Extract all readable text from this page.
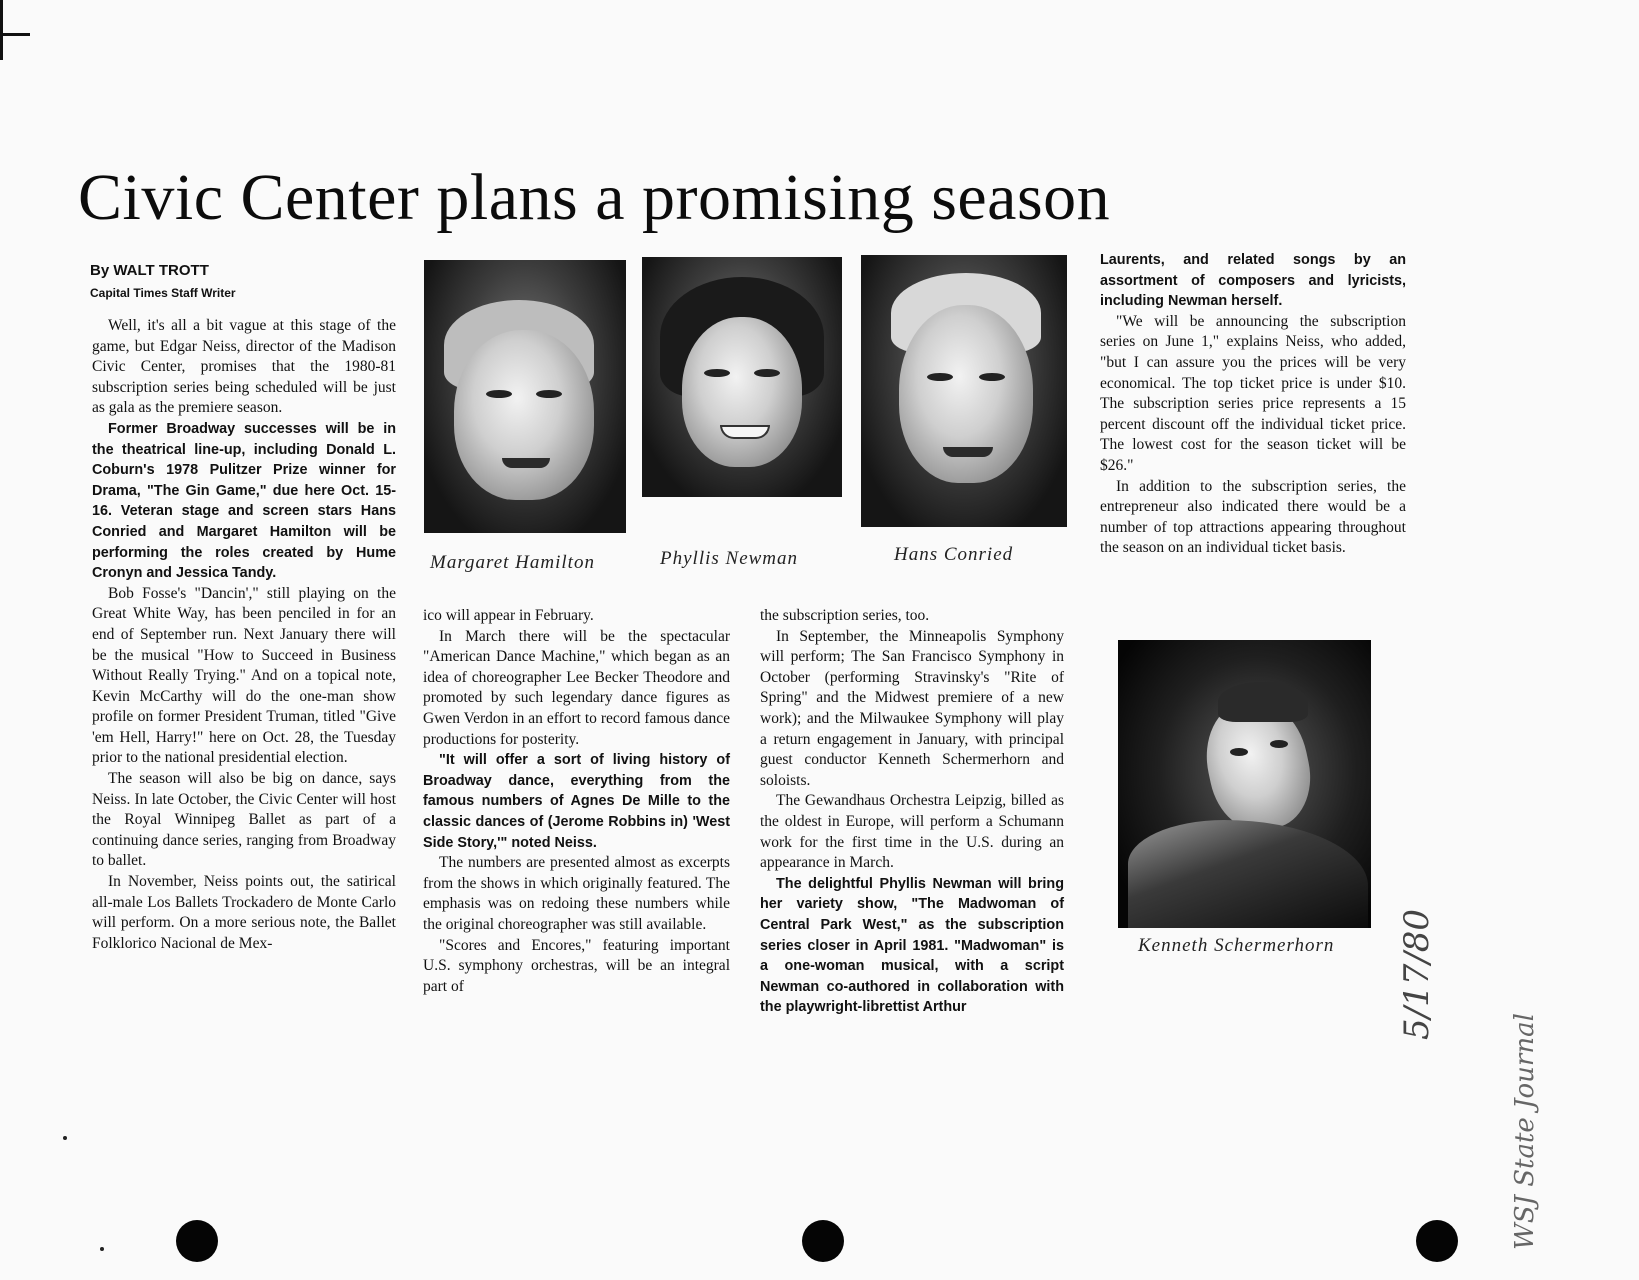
Civic Center plans a promising season
By WALT TROTT
Capital Times Staff Writer

Well, it's all a bit vague at this stage of the game, but Edgar Neiss, director of the Madison Civic Center, promises that the 1980-81 subscription series being scheduled will be just as gala as the premiere season.

Former Broadway successes will be in the theatrical line-up, including Donald L. Coburn's 1978 Pulitzer Prize winner for Drama, "The Gin Game," due here Oct. 15-16. Veteran stage and screen stars Hans Conried and Margaret Hamilton will be performing the roles created by Hume Cronyn and Jessica Tandy.

Bob Fosse's "Dancin'," still playing on the Great White Way, has been penciled in for an end of September run. Next January there will be the musical "How to Succeed in Business Without Really Trying." And on a topical note, Kevin McCarthy will do the one-man show profile on former President Truman, titled "Give 'em Hell, Harry!" here on Oct. 28, the Tuesday prior to the national presidential election.

The season will also be big on dance, says Neiss. In late October, the Civic Center will host the Royal Winnipeg Ballet as part of a continuing dance series, ranging from Broadway to ballet.

In November, Neiss points out, the satirical all-male Los Ballets Trockadero de Monte Carlo will perform. On a more serious note, the Ballet Folklorico Nacional de Mex-

ico will appear in February.

In March there will be the spectacular "American Dance Machine," which began as an idea of choreographer Lee Becker Theodore and promoted by such legendary dance figures as Gwen Verdon in an effort to record famous dance productions for posterity.

"It will offer a sort of living history of Broadway dance, everything from the famous numbers of Agnes De Mille to the classic dances of (Jerome Robbins in) 'West Side Story,'" noted Neiss.

The numbers are presented almost as excerpts from the shows in which originally featured. The emphasis was on redoing these numbers while the original choreographer was still available.

"Scores and Encores," featuring important U.S. symphony orchestras, will be an integral part of

the subscription series, too.

In September, the Minneapolis Symphony will perform; The San Francisco Symphony in October (performing Stravinsky's "Rite of Spring" and the Midwest premiere of a new work); and the Milwaukee Symphony will play a return engagement in January, with principal guest conductor Kenneth Schermerhorn and soloists.

The Gewandhaus Orchestra Leipzig, billed as the oldest in Europe, will perform a Schumann work for the first time in the U.S. during an appearance in March.

The delightful Phyllis Newman will bring her variety show, "The Madwoman of Central Park West," as the subscription series closer in April 1981. "Madwoman" is a one-woman musical, with a script Newman co-authored in collaboration with the playwright-librettist Arthur

Laurents, and related songs by an assortment of composers and lyricists, including Newman herself.

"We will be announcing the subscription series on June 1," explains Neiss, who added, "but I can assure you the prices will be very economical. The top ticket price is under $10. The subscription series price represents a 15 percent discount off the individual ticket price. The lowest cost for the season ticket will be $26."

In addition to the subscription series, the entrepreneur also indicated there would be a number of top attractions appearing throughout the season on an individual ticket basis.

Margaret Hamilton	Phyllis Newman	Hans Conried
Kenneth Schermerhorn 5/17/80
WSJ State Journal
